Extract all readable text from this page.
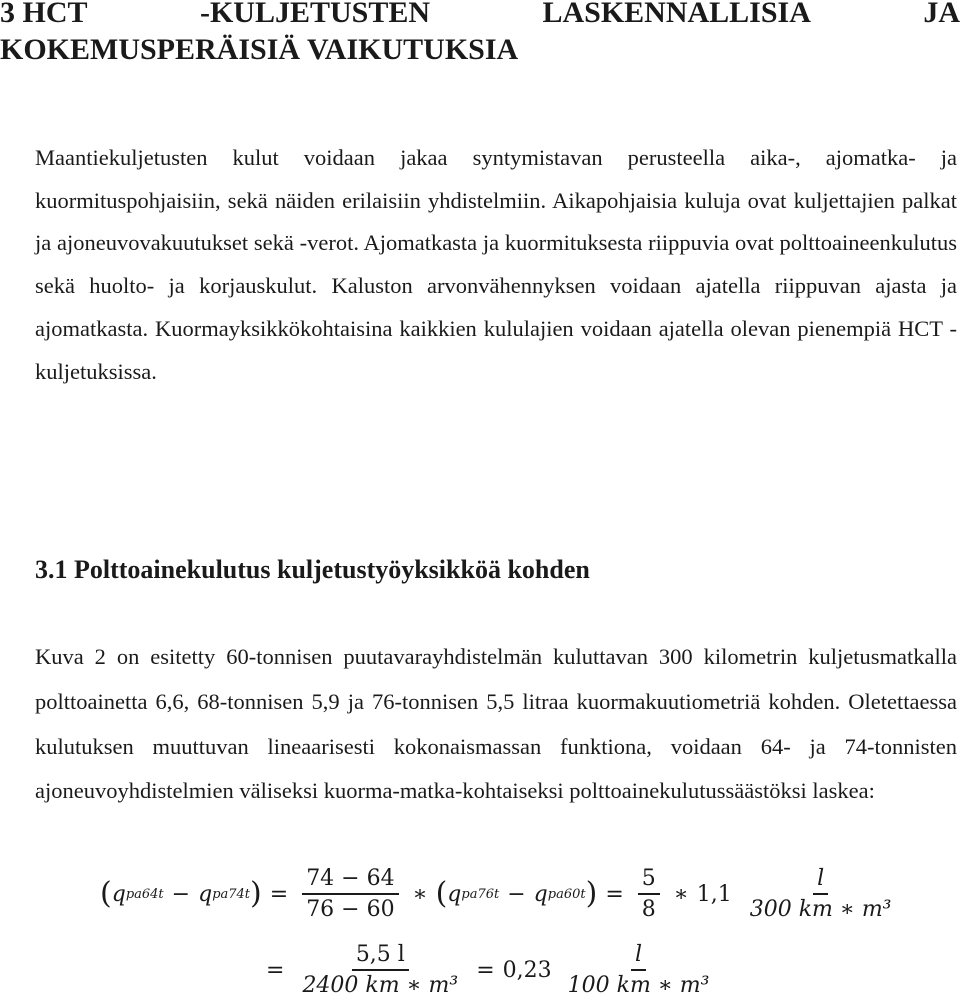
3 HCT	-KULJETUSTEN	LASKENNALLISIA	JA
KOKEMUSPERÄISIÄ VAIKUTUKSIA

Maantiekuljetusten kulut voidaan jakaa syntymistavan perusteella aika-, ajomatka- ja kuormituspohjaisiin, sekä näiden erilaisiin yhdistelmiin. Aikapohjaisia kuluja ovat kuljettajien palkat ja ajoneuvovakuutukset sekä -verot. Ajomatkasta ja kuormituksesta riippuvia ovat polttoaineenkulutus sekä huolto- ja korjauskulut. Kaluston arvonvähennyksen voidaan ajatella riippuvan ajasta ja ajomatkasta. Kuormayksikkökohtaisina kaikkien kululajien voidaan ajatella olevan pienempiä HCT - kuljetuksissa.

3.1 Polttoainekulutus kuljetustyöyksikköä kohden

Kuva 2 on esitetty 60-tonnisen puutavarayhdistelmän kuluttavan 300 kilometrin kuljetusmatkalla polttoainetta 6,6, 68-tonnisen 5,9 ja 76-tonnisen 5,5 litraa kuormakuutiometriä kohden. Oletettaessa kulutuksen muuttuvan lineaarisesti kokonaismassan funktiona, voidaan 64- ja 74-tonnisten ajoneuvoyhdistelmien väliseksi kuorma-matka-kohtaiseksi polttoainekulutussäästöksi laskea:

( q pa64t − q pa74t ) = $\frac{74 - 64}{76 - 60}$ ∗ ( q pa76t − q pa60t ) = $\frac{5}{8}$ ∗ $1,1 \frac{l}{\text{300 km ∗ m³}}$
= $\frac{5,5 l}{\text{2400 km ∗ m³}} = 0,23 \frac{l}{\text{100 km ∗ m³}}$
